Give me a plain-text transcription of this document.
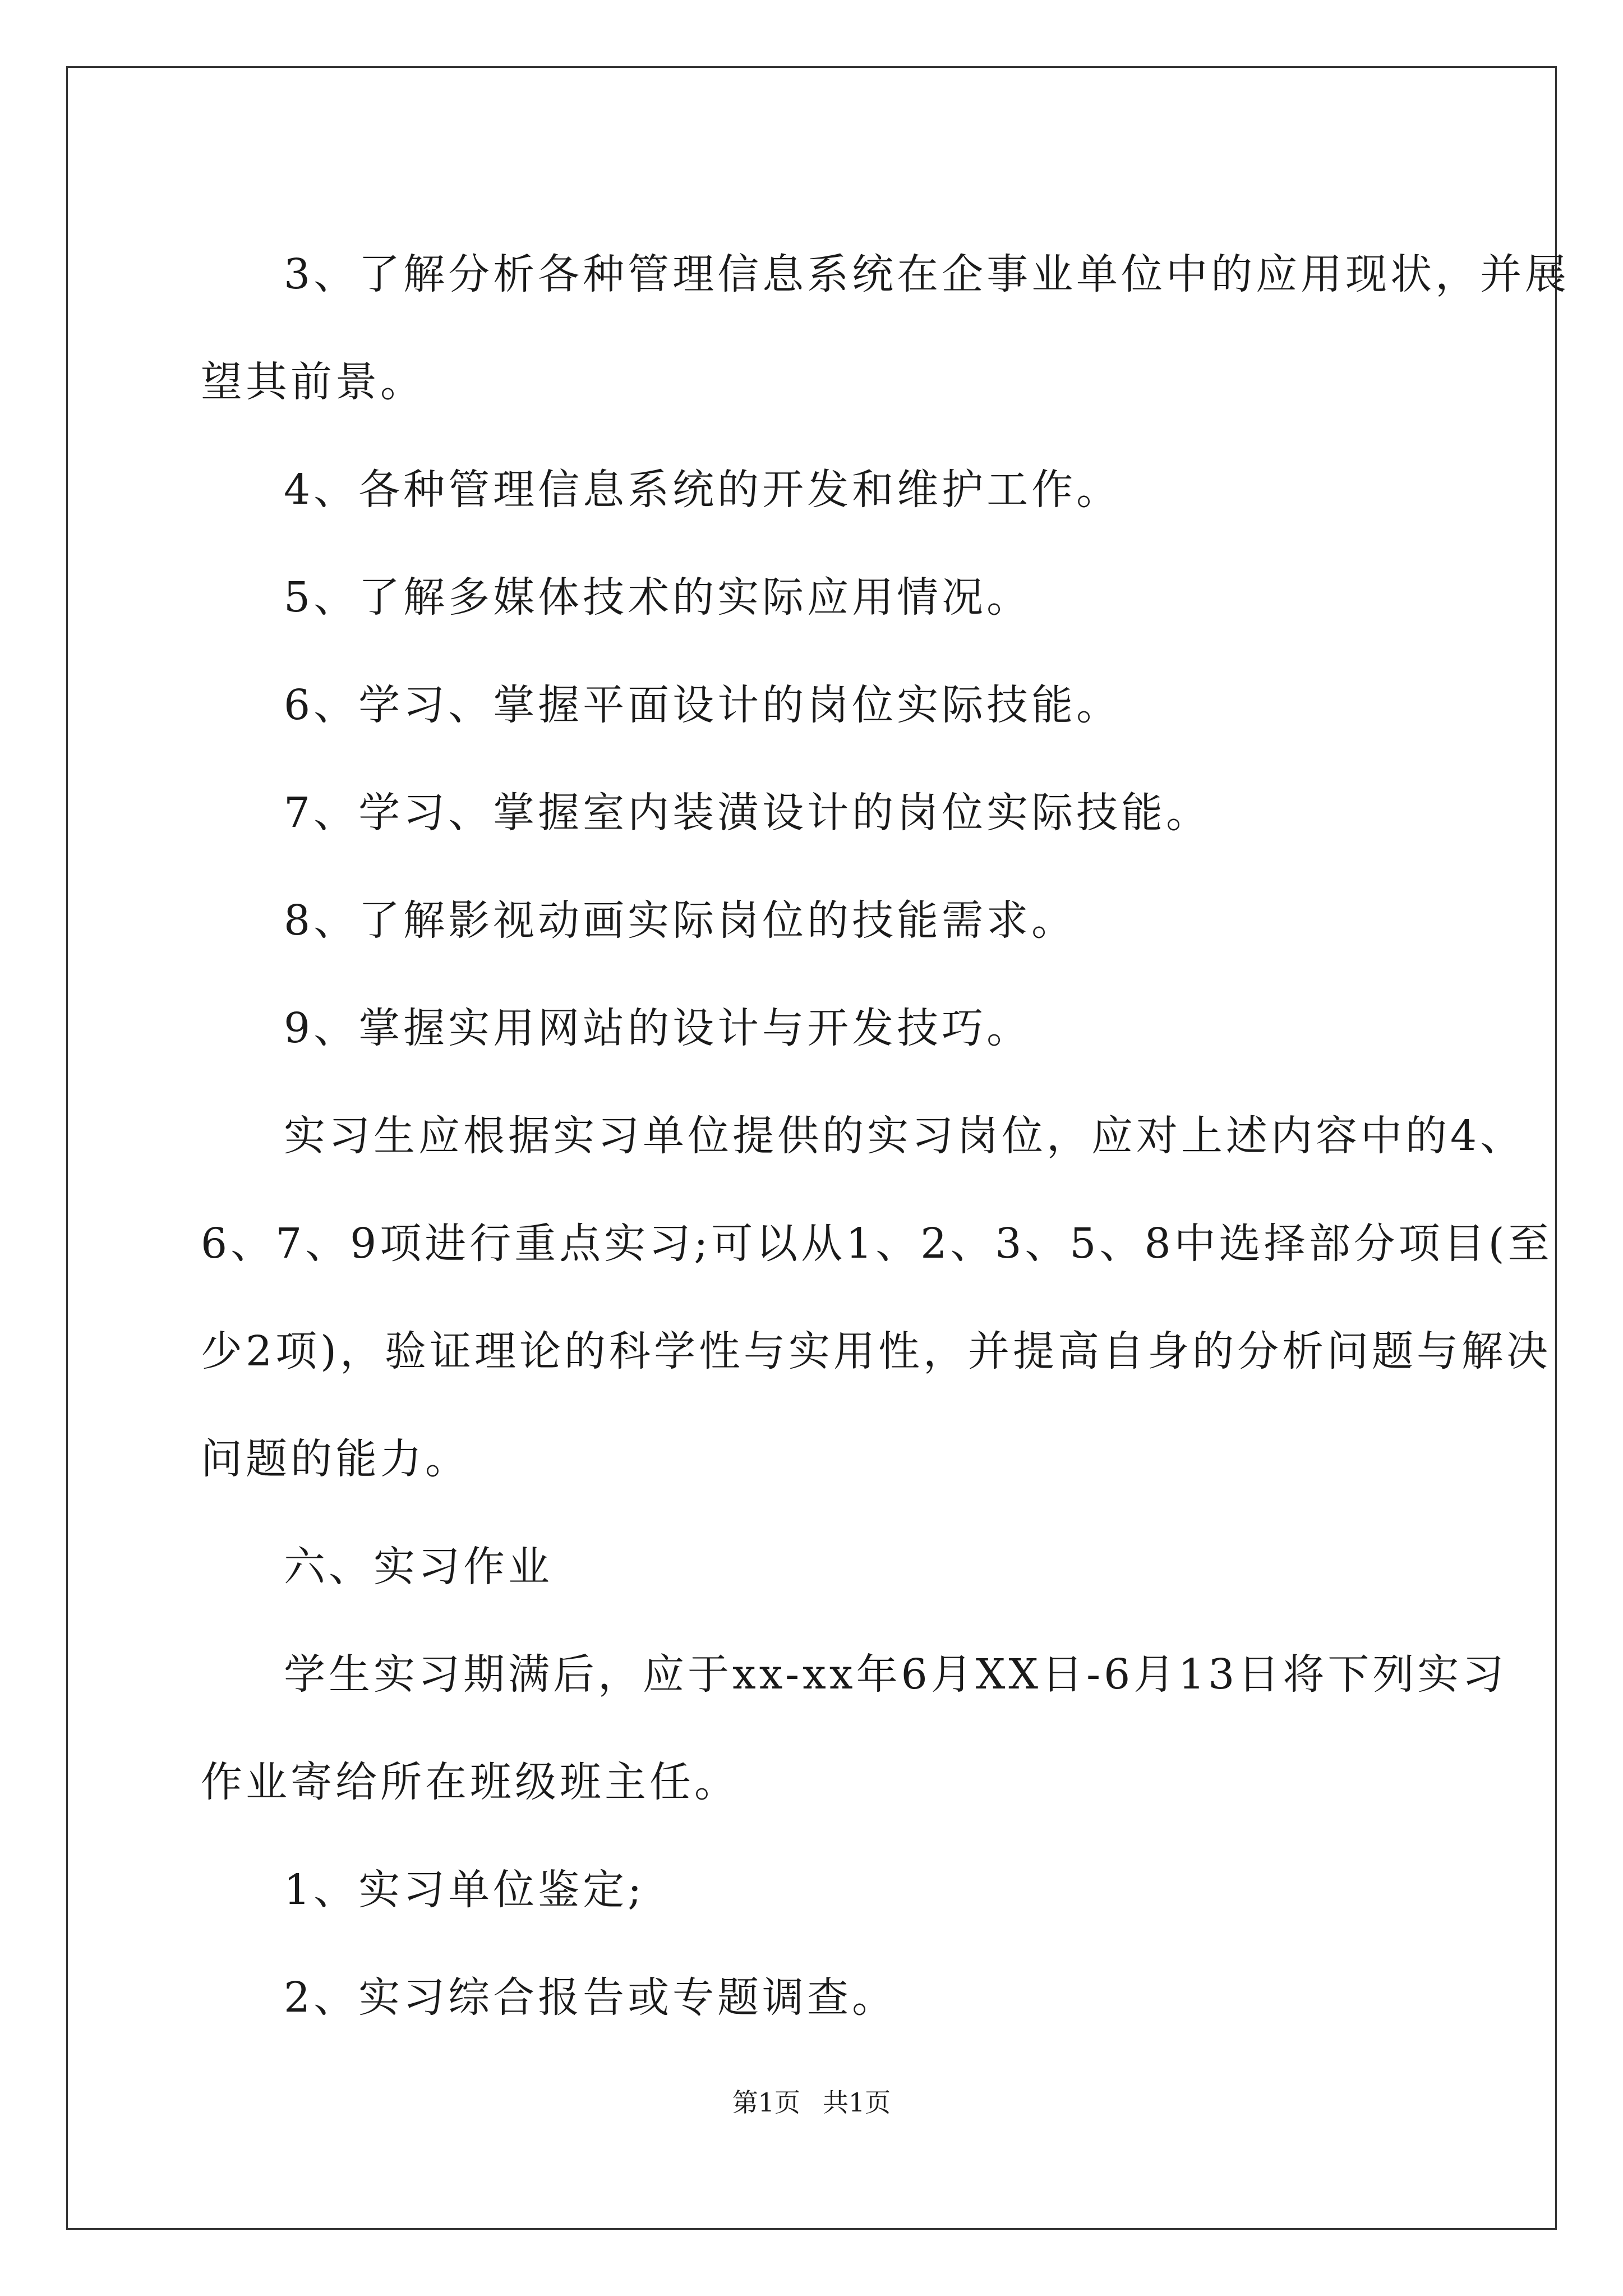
3、了解分析各种管理信息系统在企事业单位中的应用现状，并展

望其前景。

4、各种管理信息系统的开发和维护工作。

5、了解多媒体技术的实际应用情况。

6、学习、掌握平面设计的岗位实际技能。

7、学习、掌握室内装潢设计的岗位实际技能。

8、了解影视动画实际岗位的技能需求。

9、掌握实用网站的设计与开发技巧。

实习生应根据实习单位提供的实习岗位，应对上述内容中的4、

6、7、9项进行重点实习;可以从1、2、3、5、8中选择部分项目(至

少2项)，验证理论的科学性与实用性，并提高自身的分析问题与解决

问题的能力。

六、实习作业

学生实习期满后，应于xx-xx年6月XX日-6月13日将下列实习

作业寄给所在班级班主任。

1、实习单位鉴定;

2、实习综合报告或专题调查。

第1页 共1页
